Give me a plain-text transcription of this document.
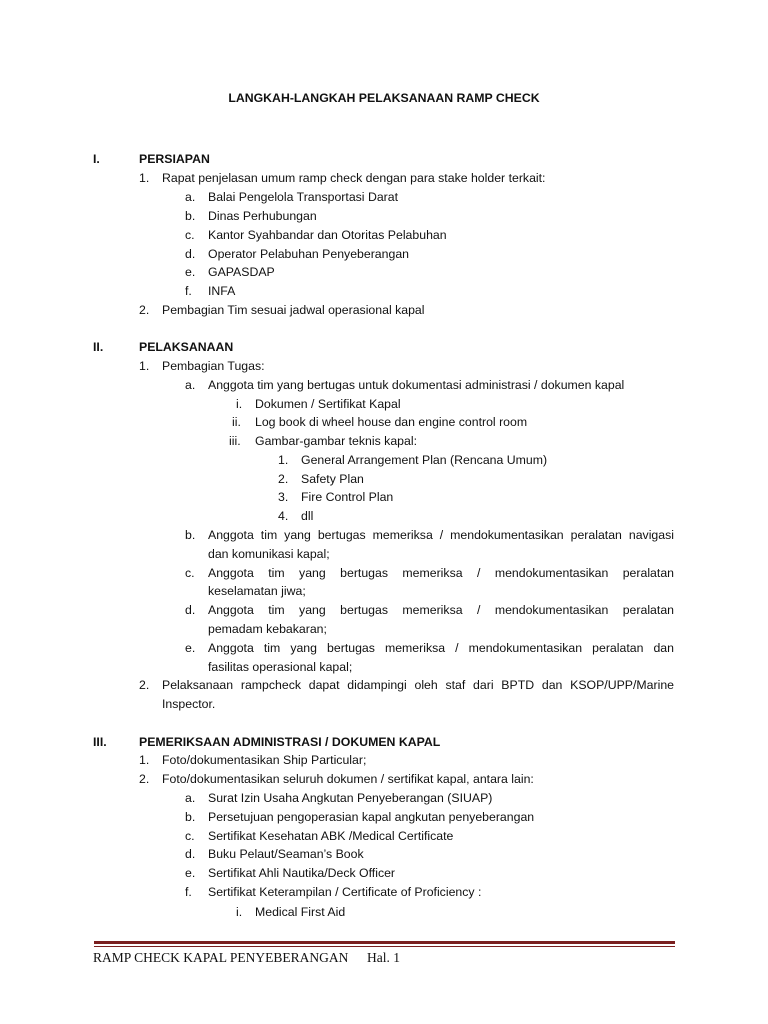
LANGKAH-LANGKAH PELAKSANAAN RAMP CHECK
I.	PERSIAPAN
1. Rapat penjelasan umum ramp check dengan para stake holder terkait:
a. Balai Pengelola Transportasi Darat
b. Dinas Perhubungan
c. Kantor Syahbandar dan Otoritas Pelabuhan
d. Operator Pelabuhan Penyeberangan
e. GAPASDAP
f. INFA
2. Pembagian Tim sesuai jadwal operasional kapal
II.	PELAKSANAAN
1. Pembagian Tugas:
a. Anggota tim yang bertugas untuk dokumentasi administrasi / dokumen kapal
i. Dokumen / Sertifikat Kapal
ii. Log book di wheel house dan engine control room
iii. Gambar-gambar teknis kapal:
1. General Arrangement Plan (Rencana Umum)
2. Safety Plan
3. Fire Control Plan
4. dll
b. Anggota tim yang bertugas memeriksa / mendokumentasikan peralatan navigasi
dan komunikasi kapal;
c. Anggota tim yang bertugas memeriksa / mendokumentasikan peralatan
keselamatan jiwa;
d. Anggota tim yang bertugas memeriksa / mendokumentasikan peralatan
pemadam kebakaran;
e. Anggota tim yang bertugas memeriksa / mendokumentasikan peralatan dan
fasilitas operasional kapal;
2. Pelaksanaan rampcheck dapat didampingi oleh staf dari BPTD dan KSOP/UPP/Marine
Inspector.
III.	PEMERIKSAAN ADMINISTRASI / DOKUMEN KAPAL
1. Foto/dokumentasikan Ship Particular;
2. Foto/dokumentasikan seluruh dokumen / sertifikat kapal, antara lain:
a. Surat Izin Usaha Angkutan Penyeberangan (SIUAP)
b. Persetujuan pengoperasian kapal angkutan penyeberangan
c. Sertifikat Kesehatan ABK /Medical Certificate
d. Buku Pelaut/Seaman’s Book
e. Sertifikat Ahli Nautika/Deck Officer
f. Sertifikat Keterampilan / Certificate of Proficiency :
i. Medical First Aid
RAMP CHECK KAPAL PENYEBERANGAN Hal. 1
